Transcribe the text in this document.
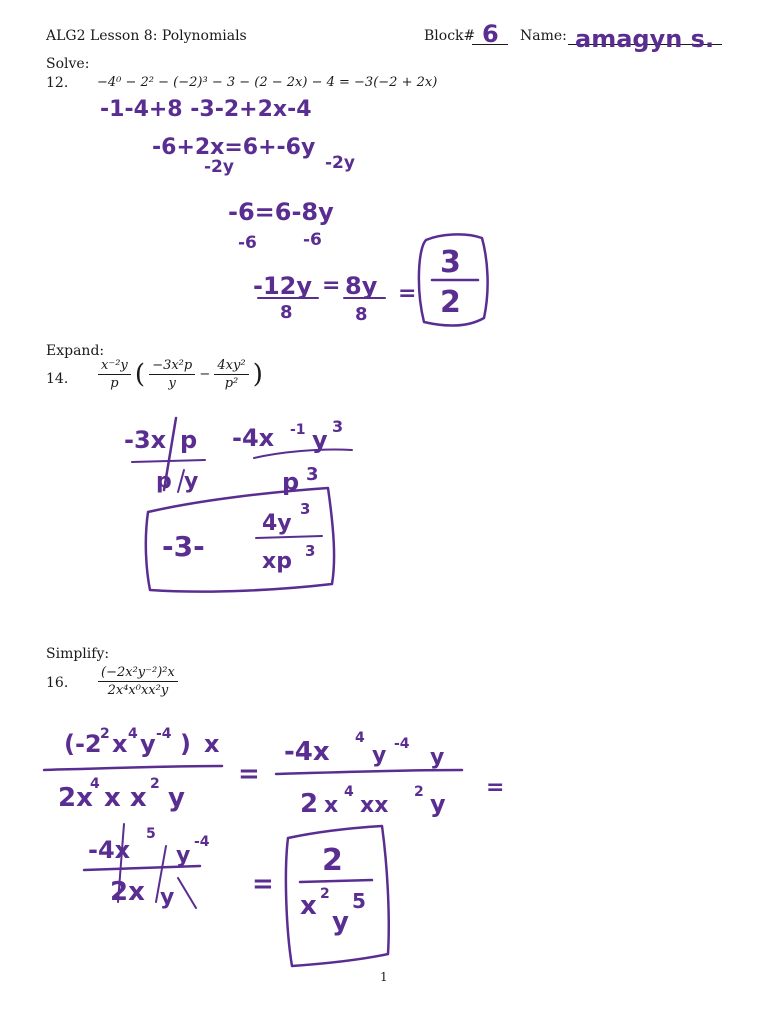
ALG2 Lesson 8: Polynomials	Block#	Name:
Solve:
12. −4⁰ − 2² − (−2)³ − 3 − (2 − 2x) − 4 = −3(−2 + 2x)
Expand:
14. $\frac{\text{x⁻²y}}{p}$ ( $\frac{\text{−3x²p}}{y} - \frac{\text{4xy²}}{\text{p²}}$ )
Simplify:
16. $\frac{\text{(−2x²y⁻²)²x}}{\text{2x⁴x⁰xx²y}}$
1
6	amagyn s.
-1-4+8 -3-2+2x-4
-6+2x=6+-6y
-2y	-2y
-6=6-8y
-6	-6
-12y
8
= 8y
8
=
3
2
-3x p
p y
-4x -1 y 3
p 3
-3-
4y
3
xp 3
(-2
2 x 4 y -4 ) x
2x
4 x x 2 y
=
-4x 4
y -4
y
2 x
4
xx
2 y
=
-4x
5
y
-4
2x y	=
2
x 2
y
5
